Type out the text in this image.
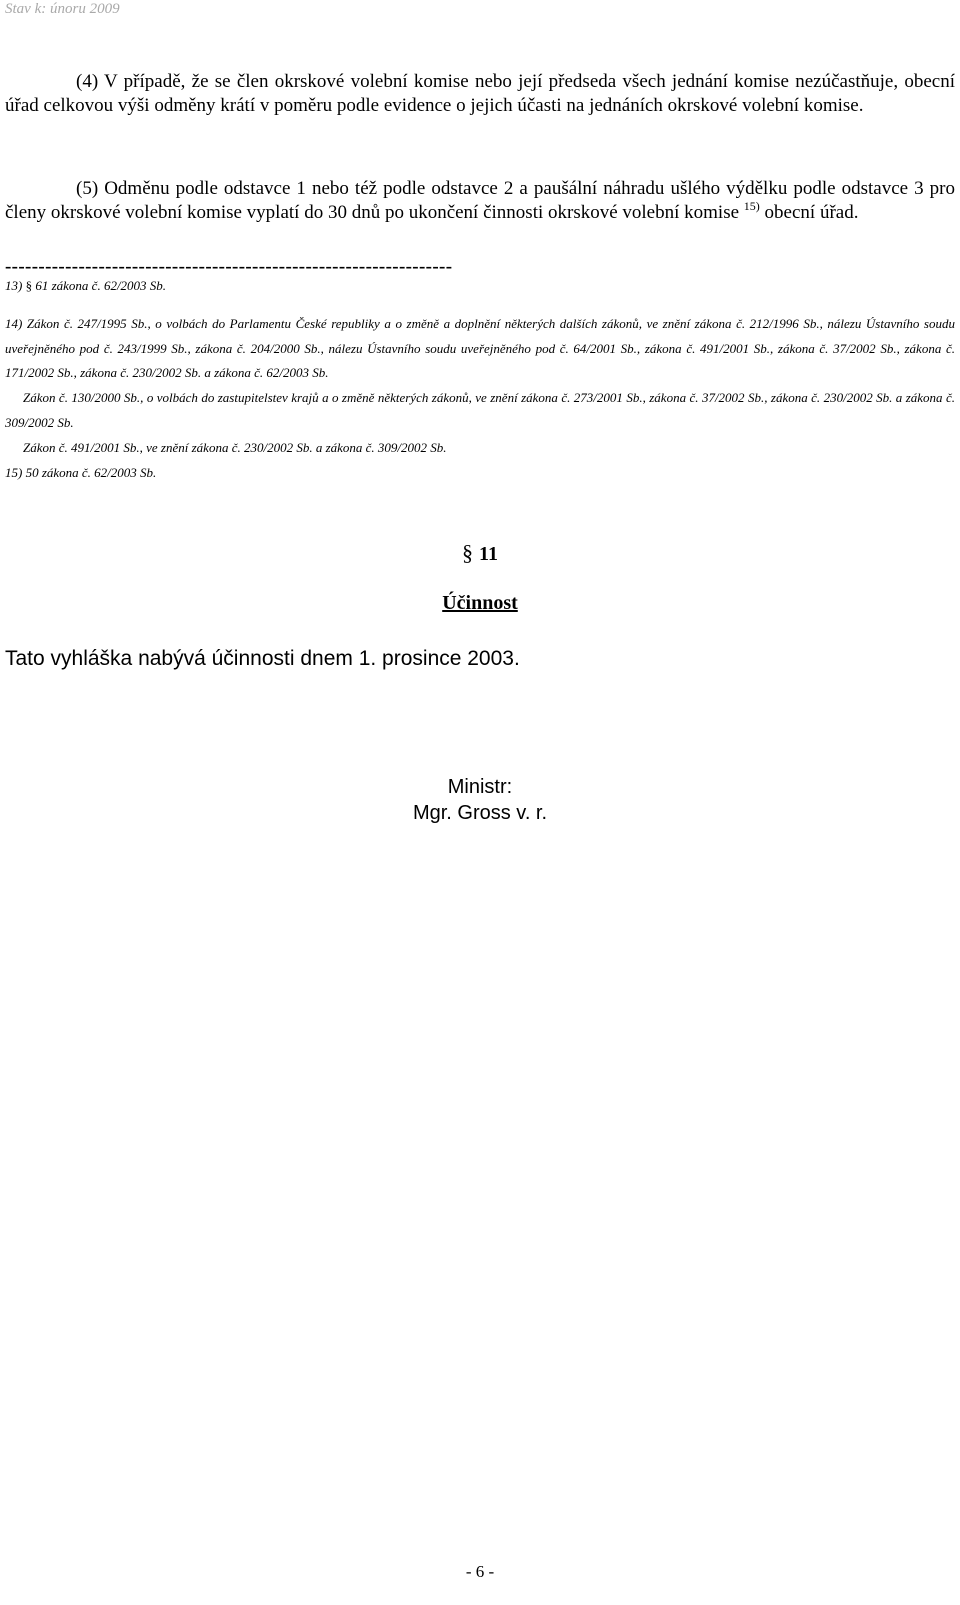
Stav k: únoru 2009
(4) V případě, že se člen okrskové volební komise nebo její předseda všech jednání komise nezúčastňuje, obecní úřad celkovou výši odměny krátí v poměru podle evidence o jejich účasti na jednáních okrskové volební komise.
(5) Odměnu podle odstavce 1 nebo též podle odstavce 2 a paušální náhradu ušlého výdělku podle odstavce 3 pro členy okrskové volební komise vyplatí do 30 dnů po ukončení činnosti okrskové volební komise $^{15)}$ obecní úřad.
-------------------------------------------------------------------
13) § 61 zákona č. 62/2003 Sb.
14) Zákon č. 247/1995 Sb., o volbách do Parlamentu České republiky a o změně a doplnění některých dalších zákonů, ve znění zákona č. 212/1996 Sb., nálezu Ústavního soudu uveřejněného pod č. 243/1999 Sb., zákona č. 204/2000 Sb., nálezu Ústavního soudu uveřejněného pod č. 64/2001 Sb., zákona č. 491/2001 Sb., zákona č. 37/2002 Sb., zákona č. 171/2002 Sb., zákona č. 230/2002 Sb. a zákona č. 62/2003 Sb.
Zákon č. 130/2000 Sb., o volbách do zastupitelstev krajů a o změně některých zákonů, ve znění zákona č. 273/2001 Sb., zákona č. 37/2002 Sb., zákona č. 230/2002 Sb. a zákona č. 309/2002 Sb.
Zákon č. 491/2001 Sb., ve znění zákona č. 230/2002 Sb. a zákona č. 309/2002 Sb.
15) 50 zákona č. 62/2003 Sb.
§ 11
Účinnost
Tato vyhláška nabývá účinnosti dnem 1. prosince 2003.
Ministr:
Mgr. Gross v. r.
- 6 -
